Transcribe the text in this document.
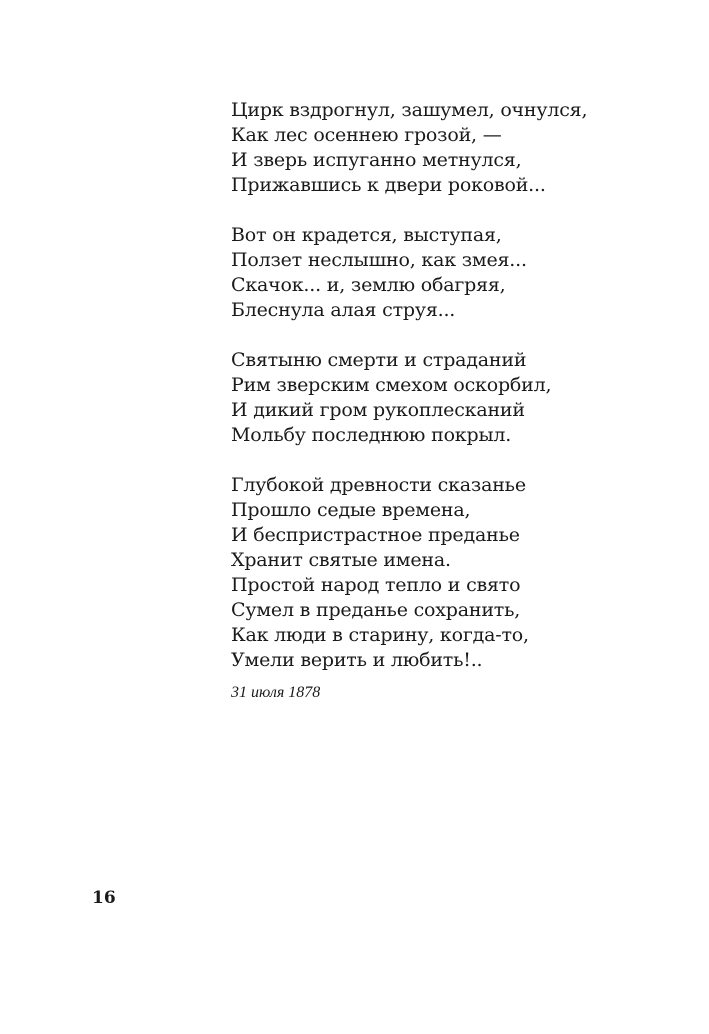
Цирк вздрогнул, зашумел, очнулся,
Как лес осеннею грозой, —
И зверь испуганно метнулся,
Прижавшись к двери роковой...
Вот он крадется, выступая,
Ползет неслышно, как змея...
Скачок... и, землю обагряя,
Блеснула алая струя...
Святыню смерти и страданий
Рим зверским смехом оскорбил,
И дикий гром рукоплесканий
Мольбу последнюю покрыл.
Глубокой древности сказанье
Прошло седые времена,
И беспристрастное преданье
Хранит святые имена.
Простой народ тепло и свято
Сумел в преданье сохранить,
Как люди в старину, когда-то,
Умели верить и любить!..
31 июля 1878
16
